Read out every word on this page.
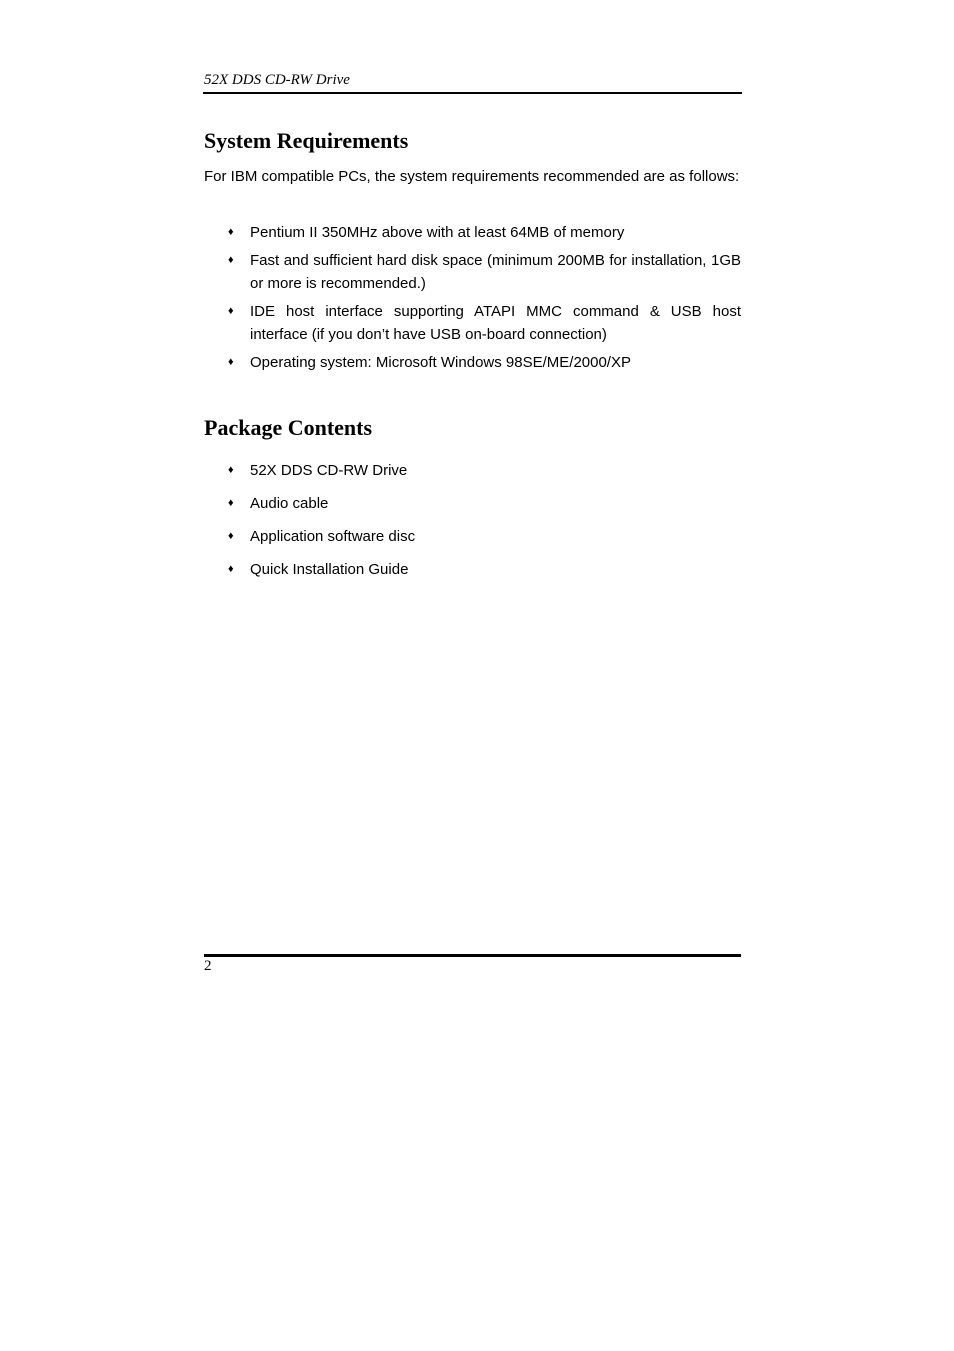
52X DDS CD-RW Drive
System Requirements

For IBM compatible PCs, the system requirements recommended are as follows:

♦	Pentium II 350MHz above with at least 64MB of memory
♦	Fast and sufficient hard disk space (minimum 200MB for installation, 1GB or more is recommended.)
♦	IDE host interface supporting ATAPI MMC command & USB host interface (if you don’t have USB on-board connection)
♦	Operating system: Microsoft Windows 98SE/ME/2000/XP
Package Contents
♦	52X DDS CD-RW Drive
♦	Audio cable
♦	Application software disc
♦	Quick Installation Guide
2
